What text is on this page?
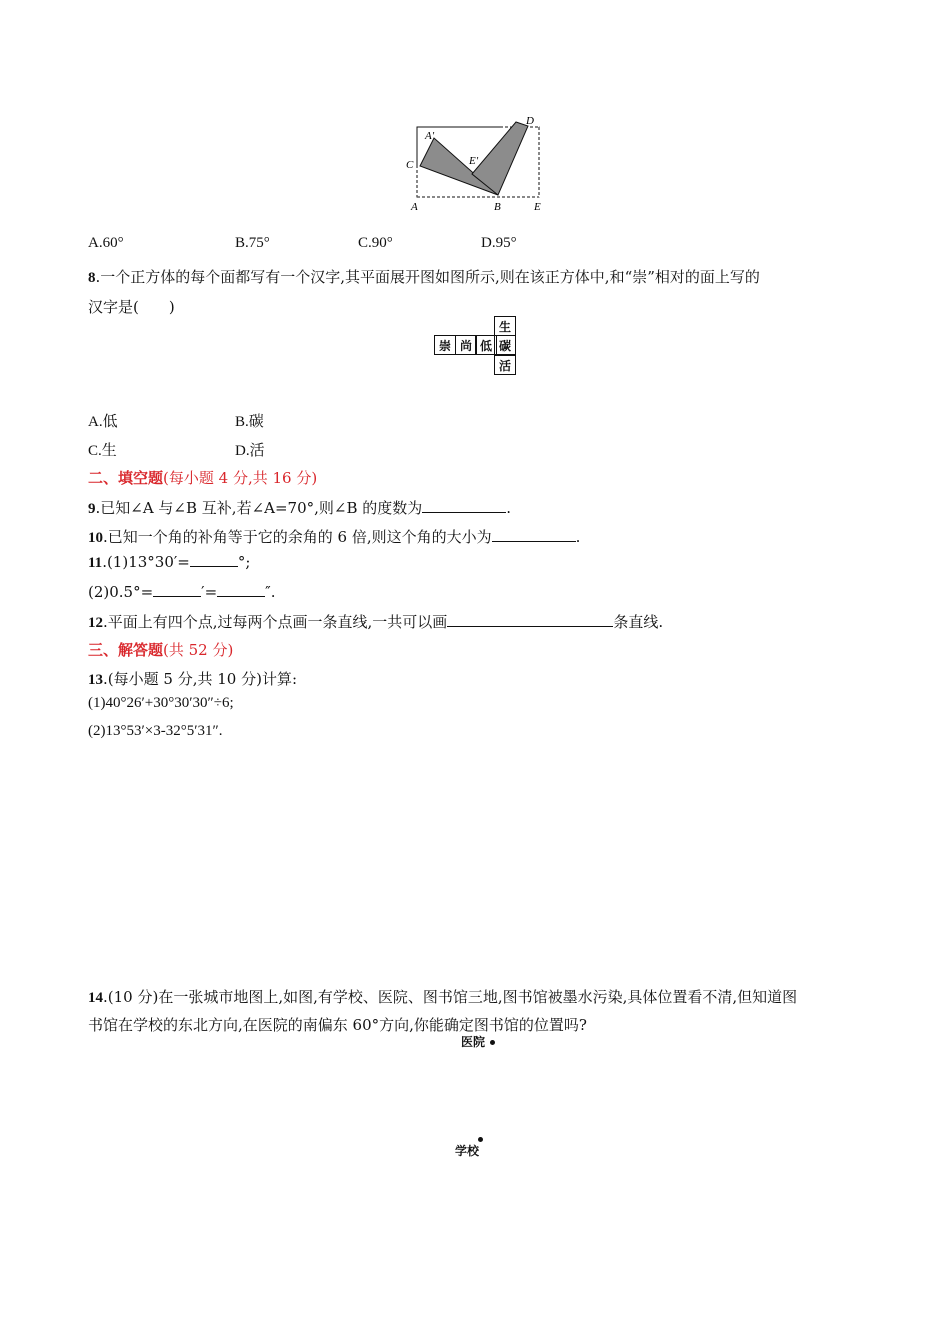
A′
C	E′
D
A	B	E
A.60°	B.75°	C.90°	D.95°
8.一个正方体的每个面都写有一个汉字,其平面展开图如图所示,则在该正方体中,和“崇”相对的面上写的
汉字是(　　)
生
崇 尚 低 碳
活
A.低	B.碳
C.生	D.活
二、填空题(每小题 4 分,共 16 分)
9.已知∠A 与∠B 互补,若∠A=70°,则∠B 的度数为	.
10.已知一个角的补角等于它的余角的 6 倍,则这个角的大小为	.
11.(1)13°30′=	°;
(2)0.5°=	′=	″.
12.平面上有四个点,过每两个点画一条直线,一共可以画	条直线.
三、解答题(共 52 分)
13.(每小题 5 分,共 10 分)计算:
(1)40°26′+30°30′30″÷6;
(2)13°53′×3-32°5′31″.
14.(10 分)在一张城市地图上,如图,有学校、医院、图书馆三地,图书馆被墨水污染,具体位置看不清,但知道图
书馆在学校的东北方向,在医院的南偏东 60°方向,你能确定图书馆的位置吗?
医院
学校
